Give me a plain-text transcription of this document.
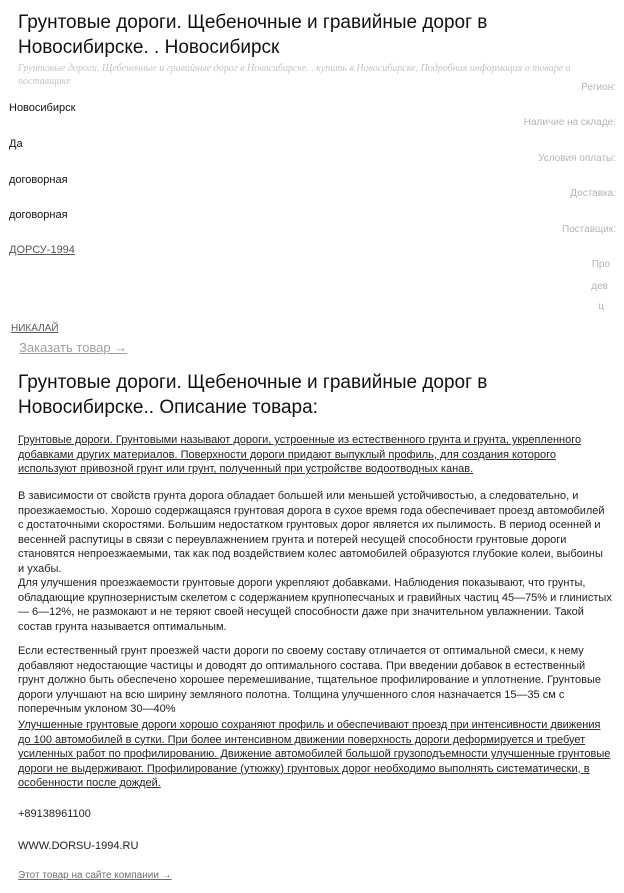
Грунтовые дороги. Щебеночные и гравийные дорог в Новосибирске. . Новосибирск
Грунтовые дороги. Щебеночные и гравийные дорог в Новосибирске. . купить в Новосибирске. Подробная информация о товаре и поставщике
Новосибирск
Да
договорная
договорная
ДОРСУ-1994
Регион:
Наличие на складе:
Условия оплаты:
Доставка:
Поставщик:
Про
дев
ц
НИКАЛАЙ
Заказать товар →
Грунтовые дороги. Щебеночные и гравийные дорог в Новосибирске.. Описание товара:

Грунтовые дороги. Грунтовыми называют дороги, устроенные из естественного грунта и грунта, укрепленного добавками других материалов. Поверхности дороги придают выпуклый профиль, для создания которого используют привозной грунт или грунт, полученный при устройстве водоотводных канав.

В зависимости от свойств грунта дорога обладает большей или меньшей устойчивостью, а следовательно, и проезжаемостью. Хорошо содержащаяся грунтовая дорога в сухое время года обеспечивает проезд автомобилей с достаточными скоростями. Большим недостатком грунтовых дорог является их пылимость. В период осенней и весенней распутицы в связи с переувлажнением грунта и потерей несущей способности грунтовые дороги становятся непроезжаемыми, так как под воздействием колес автомобилей образуются глубокие колеи, выбоины и ухабы.

Для улучшения проезжаемости грунтовые дороги укрепляют добавками. Наблюдения показывают, что грунты, обладающие крупнозернистым скелетом с содержанием крупнопесчаных и гравийных частиц 45—75% и глинистых — 6—12%, не размокают и не теряют своей несущей способности даже при значительном увлажнении. Такой состав грунта называется оптимальным.

Если естественный грунт проезжей части дороги по своему составу отличается от оптимальной смеси, к нему добавляют недостающие частицы и доводят до оптимального состава. При введении добавок в естественный грунт должно быть обеспечено хорошее перемешивание, тщательное профилирование и уплотнение. Грунтовые дороги улучшают на всю ширину земляного полотна. Толщина улучшенного слоя назначается 15—35 см с поперечным уклоном 30—40%

Улучшенные грунтовые дороги хорошо сохраняют профиль и обеспечивают проезд при интенсивности движения до 100 автомобилей в сутки. При более интенсивном движении поверхность дороги деформируется и требует усиленных работ по профилированию. Движение автомобилей большой грузоподъемности улучшенные грунтовые дороги не выдерживают. Профилирование (утюжку) грунтовых дорог необходимо выполнять систематически, в особенности после дождей.

+89138961100
WWW.DORSU-1994.RU
Этот товар на сайте компании →
